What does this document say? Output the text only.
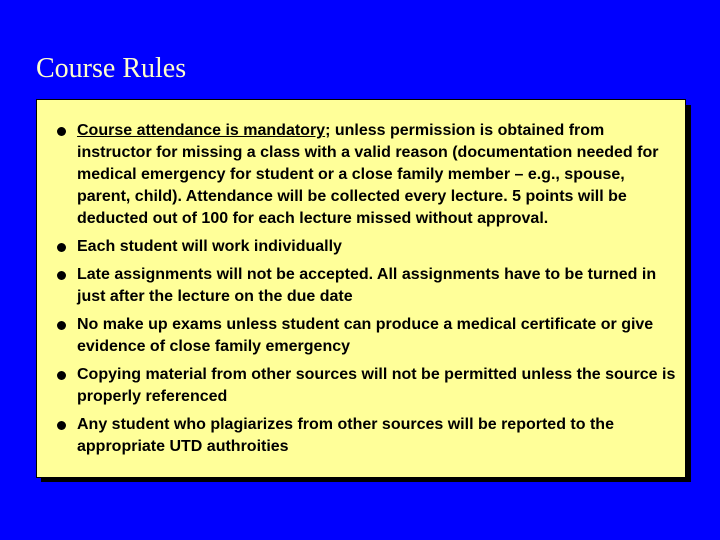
Course Rules
Course attendance is mandatory; unless permission is obtained from instructor for missing a class with a valid reason (documentation needed for medical emergency for student or a close family member – e.g., spouse, parent, child). Attendance will be collected every lecture. 5 points will be deducted out of 100 for each lecture missed without approval.
Each student will work individually
Late assignments will not be accepted. All assignments have to be turned in just after the lecture on the due date
No make up exams unless student can produce a medical certificate or give evidence of close family emergency
Copying material from other sources will not be permitted unless the source is properly referenced
Any student who plagiarizes from other sources will be reported to the appropriate UTD authroities
